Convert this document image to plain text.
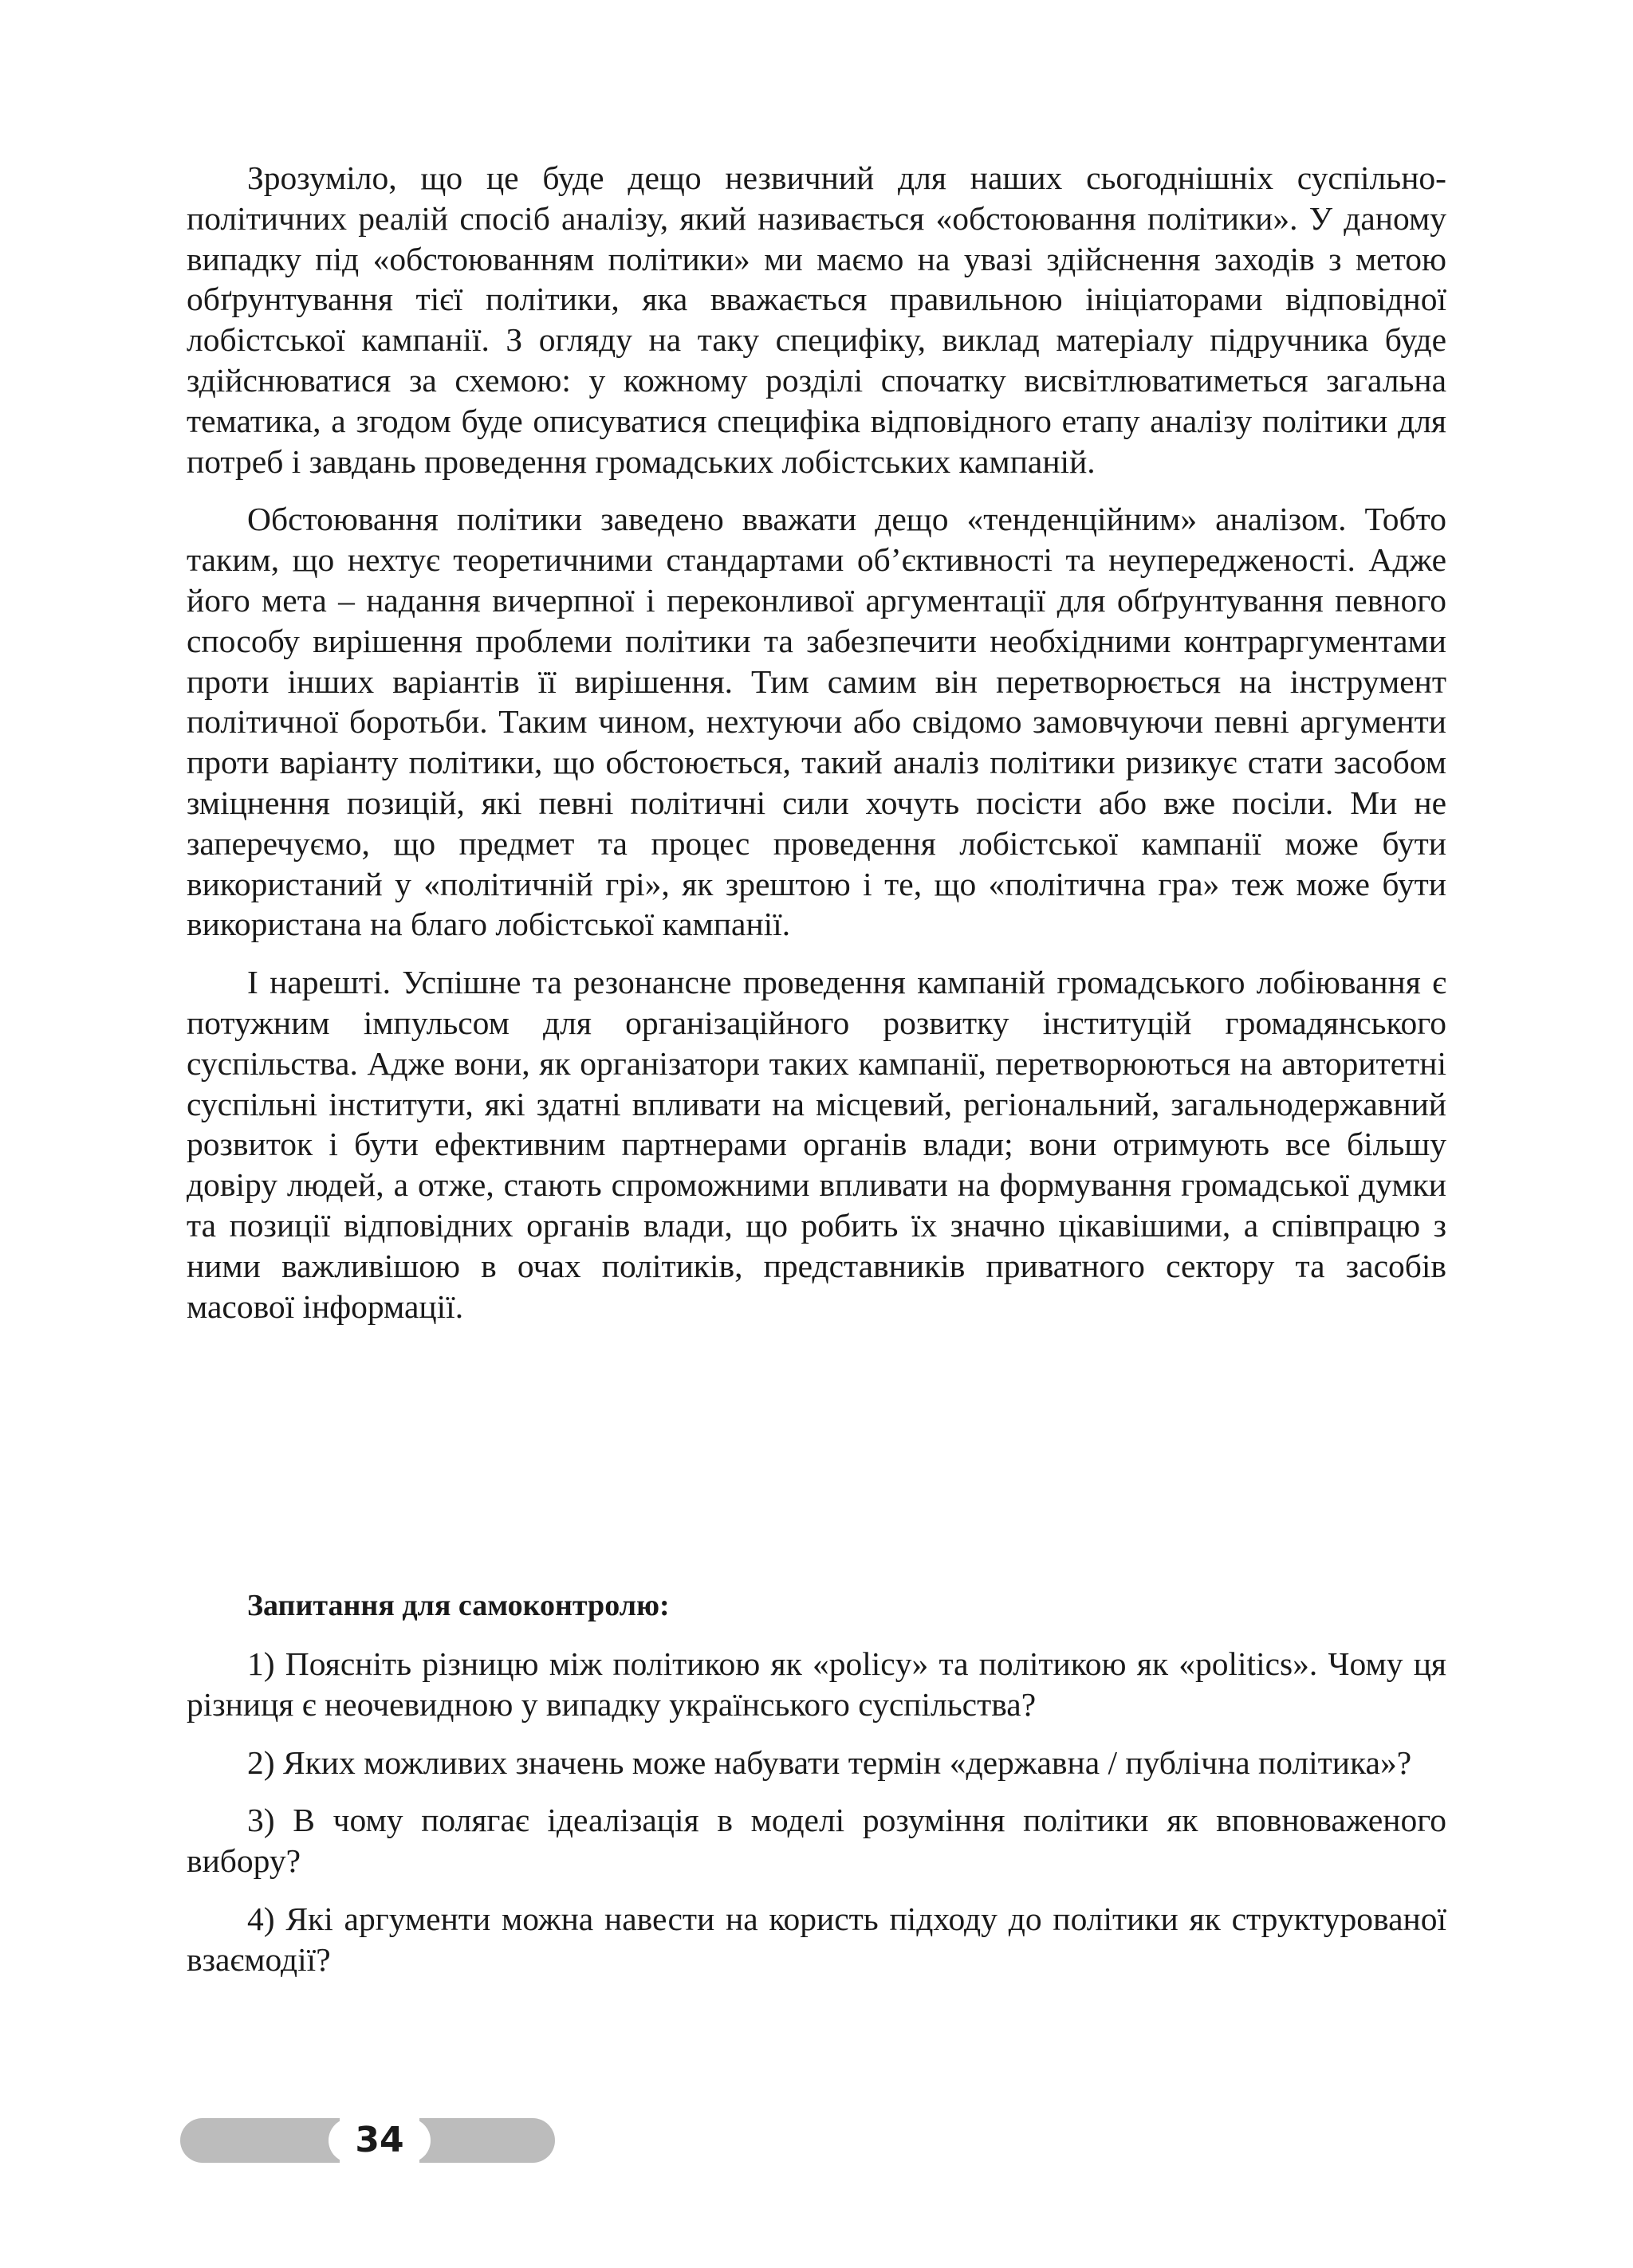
Зрозуміло, що це буде дещо незвичний для наших сьогоднішніх суспільно-політичних реалій спосіб аналізу, який називається «обстоювання політики». У даному випадку під «обстоюванням політики» ми маємо на увазі здійснення заходів з метою обґрунтування тієї політики, яка вважається правильною ініціаторами відповідної лобістської кампанії. З огляду на таку специфіку, виклад матеріалу підручника буде здійснюватися за схемою: у кожному розділі спочатку висвітлюватиметься загальна тематика, а згодом буде описуватися специфіка відповідного етапу аналізу політики для потреб і завдань проведення громадських лобістських кампаній.

Обстоювання політики заведено вважати дещо «тенденційним» аналізом. Тобто таким, що нехтує теоретичними стандартами об’єктивності та неупередженості. Адже його мета – надання вичерпної і переконливої аргументації для обґрунтування певного способу вирішення проблеми політики та забезпечити необхідними контраргументами проти інших варіантів її вирішення. Тим самим він перетворюється на інструмент політичної боротьби. Таким чином, нехтуючи або свідомо замовчуючи певні аргументи проти варіанту політики, що обстоюється, такий аналіз політики ризикує стати засобом зміцнення позицій, які певні політичні сили хочуть посісти або вже посіли. Ми не заперечуємо, що предмет та процес проведення лобістської кампанії може бути використаний у «політичній грі», як зрештою і те, що «політична гра» теж може бути використана на благо лобістської кампанії.

І нарешті. Успішне та резонансне проведення кампаній громадського лобіювання є потужним імпульсом для організаційного розвитку інституцій громадянського суспільства. Адже вони, як організатори таких кампанії, перетворюються на авторитетні суспільні інститути, які здатні впливати на місцевий, регіональний, загальнодержавний розвиток і бути ефективним партнерами органів влади; вони отримують все більшу довіру людей, а отже, стають спроможними впливати на формування громадської думки та позиції відповідних органів влади, що робить їх значно цікавішими, а співпрацю з ними важливішою в очах політиків, представників приватного сектору та засобів масової інформації.

Запитання для самоконтролю:

1) Поясніть різницю між політикою як «policy» та політикою як «politics». Чому ця різниця є неочевидною у випадку українського суспільства?

2) Яких можливих значень може набувати термін «державна / публічна політика»?

3) В чому полягає ідеалізація в моделі розуміння політики як вповноваженого вибору?

4) Які аргументи можна навести на користь підходу до політики як структурованої взаємодії?

34
